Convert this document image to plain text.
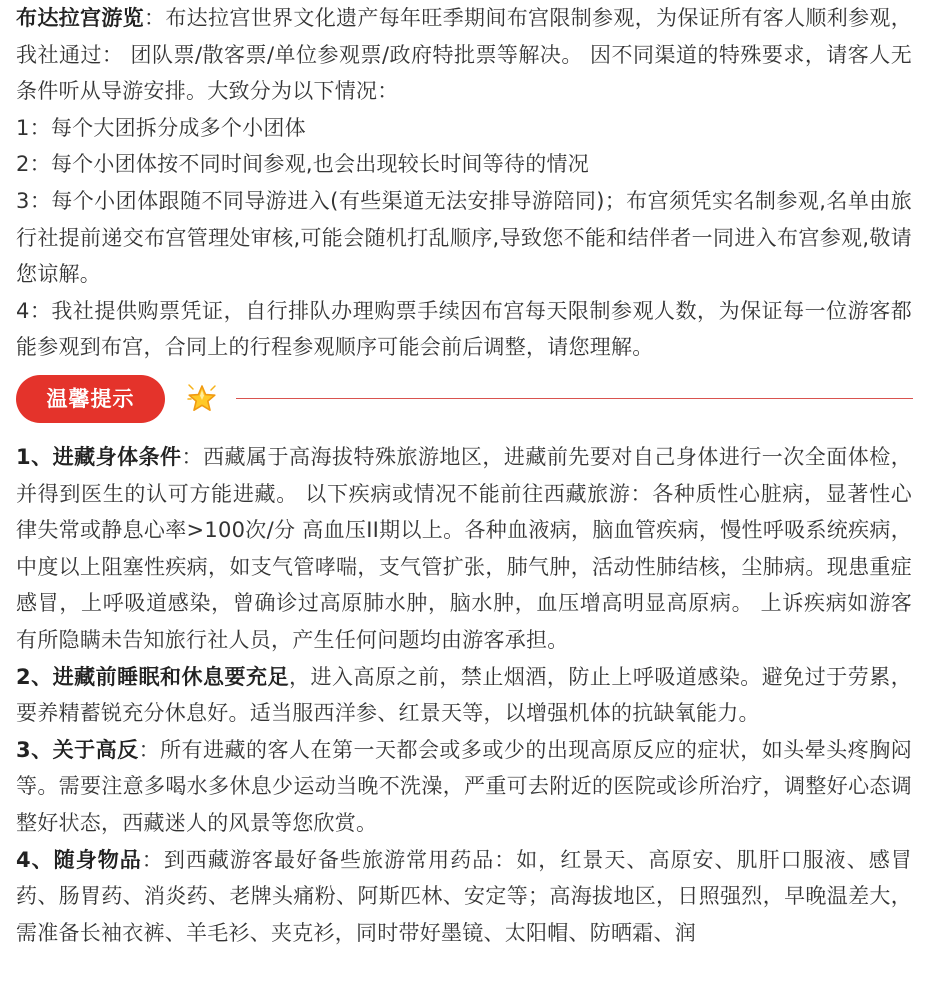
布达拉宫游览：布达拉宫世界文化遗产每年旺季期间布宫限制参观，为保证所有客人顺利参观，我社通过： 团队票/散客票/单位参观票/政府特批票等解决。 因不同渠道的特殊要求，请客人无条件听从导游安排。大致分为以下情况：

1：每个大团拆分成多个小团体

2：每个小团体按不同时间参观,也会出现较长时间等待的情况

3：每个小团体跟随不同导游进入(有些渠道无法安排导游陪同)；布宫须凭实名制参观,名单由旅行社提前递交布宫管理处审核,可能会随机打乱顺序,导致您不能和结伴者一同进入布宫参观,敬请您谅解。

4：我社提供购票凭证，自行排队办理购票手续因布宫每天限制参观人数，为保证每一位游客都能参观到布宫，合同上的行程参观顺序可能会前后调整，请您理解。

温馨提示

1、进藏身体条件：西藏属于高海拔特殊旅游地区，进藏前先要对自己身体进行一次全面体检，并得到医生的认可方能进藏。 以下疾病或情况不能前往西藏旅游：各种质性心脏病，显著性心律失常或静息心率>100次/分 高血压II期以上。各种血液病，脑血管疾病，慢性呼吸系统疾病，中度以上阻塞性疾病，如支气管哮喘，支气管扩张，肺气肿，活动性肺结核，尘肺病。现患重症感冒，上呼吸道感染，曾确诊过高原肺水肿，脑水肿，血压增高明显高原病。 上诉疾病如游客有所隐瞒未告知旅行社人员，产生任何问题均由游客承担。

2、进藏前睡眠和休息要充足，进入高原之前，禁止烟酒，防止上呼吸道感染。避免过于劳累，要养精蓄锐充分休息好。适当服西洋参、红景天等，以增强机体的抗缺氧能力。

3、关于高反：所有进藏的客人在第一天都会或多或少的出现高原反应的症状，如头晕头疼胸闷等。需要注意多喝水多休息少运动当晚不洗澡，严重可去附近的医院或诊所治疗，调整好心态调整好状态，西藏迷人的风景等您欣赏。

4、随身物品：到西藏游客最好备些旅游常用药品：如，红景天、高原安、肌肝口服液、感冒药、肠胃药、消炎药、老牌头痛粉、阿斯匹林、安定等；高海拔地区，日照强烈，早晚温差大，需准备长袖衣裤、羊毛衫、夹克衫，同时带好墨镜、太阳帽、防晒霜、润
